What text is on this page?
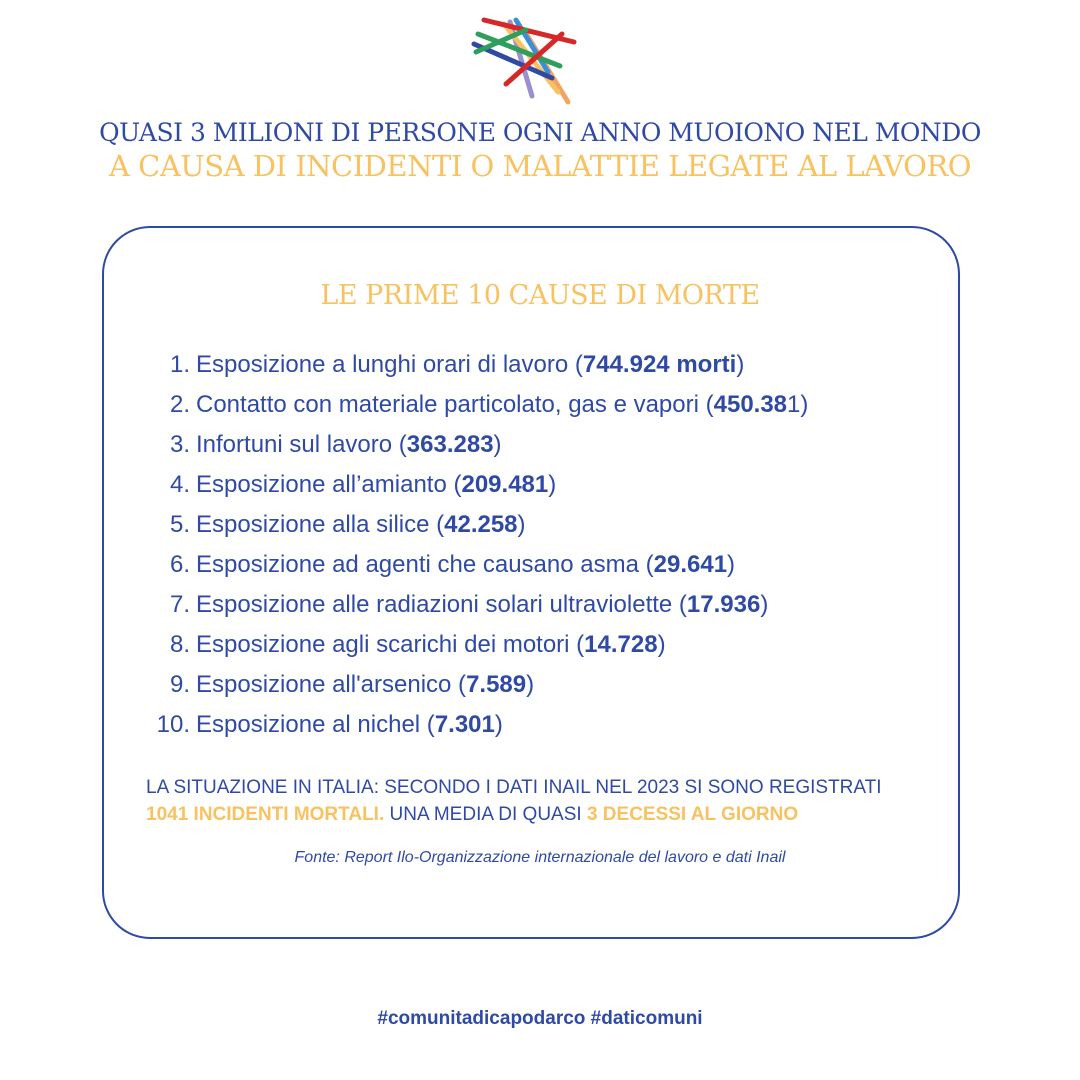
QUASI 3 MILIONI DI PERSONE OGNI ANNO MUOIONO NEL MONDO
A CAUSA DI INCIDENTI O MALATTIE LEGATE AL LAVORO
LE PRIME 10 CAUSE DI MORTE
1. Esposizione a lunghi orari di lavoro (744.924 morti)
2. Contatto con materiale particolato, gas e vapori (450.381)
3. Infortuni sul lavoro (363.283)
4. Esposizione all’amianto (209.481)
5. Esposizione alla silice (42.258)
6. Esposizione ad agenti che causano asma (29.641)
7. Esposizione alle radiazioni solari ultraviolette (17.936)
8. Esposizione agli scarichi dei motori (14.728)
9. Esposizione all'arsenico (7.589)
10. Esposizione al nichel (7.301)
LA SITUAZIONE IN ITALIA: SECONDO I DATI INAIL NEL 2023 SI SONO REGISTRATI
1041 INCIDENTI MORTALI. UNA MEDIA DI QUASI 3 DECESSI AL GIORNO
Fonte: Report Ilo-Organizzazione internazionale del lavoro e dati Inail
#comunitadicapodarco #daticomuni
